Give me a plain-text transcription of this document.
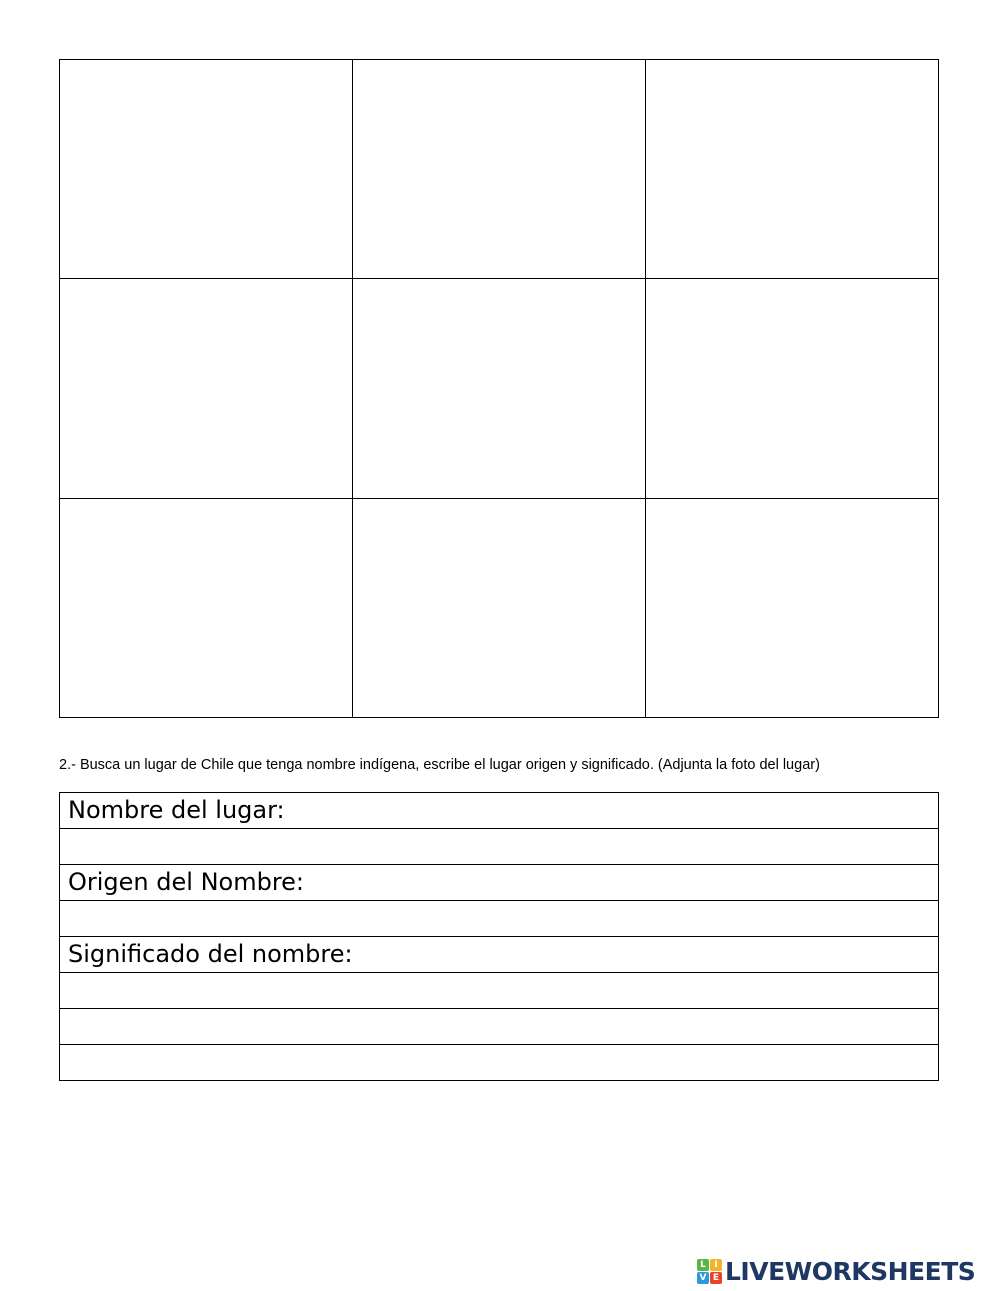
2.- Busca un lugar de Chile que tenga nombre indígena, escribe el lugar origen y significado. (Adjunta la foto del lugar)
Nombre del lugar:

Origen del Nombre:

Significado del nombre:

L I
V E LIVEWORKSHEETS
